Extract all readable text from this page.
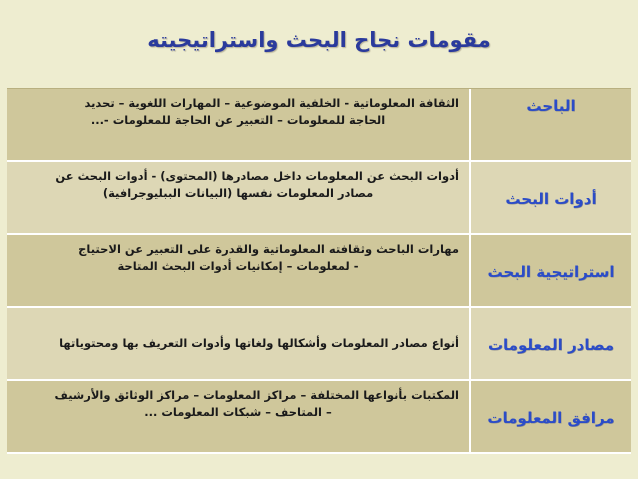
مقومات نجاح البحث واستراتيجيته
الباحث
الثقافة المعلوماتية - الخلفية الموضوعية – المهارات اللغوية – تحديد
الحاجة للمعلومات – التعبير عن الحاجة للمعلومات -...
أدوات البحث
أدوات البحث عن المعلومات داخل مصادرها (المحتوى) - أدوات البحث عن
مصادر المعلومات نفسها (البيانات الببليوجرافية)
استراتيجية البحث
مهارات الباحث وثقافته المعلوماتية والقدرة على التعبير عن الاحتياج
- لمعلومات – إمكانيات أدوات البحث المتاحة
مصادر المعلومات
أنواع مصادر المعلومات وأشكالها ولغاتها وأدوات التعريف بها ومحتوياتها
مرافق المعلومات
المكتبات بأنواعها المختلفة – مراكز المعلومات – مراكز الوثائق والأرشيف
– المتاحف – شبكات المعلومات ...
